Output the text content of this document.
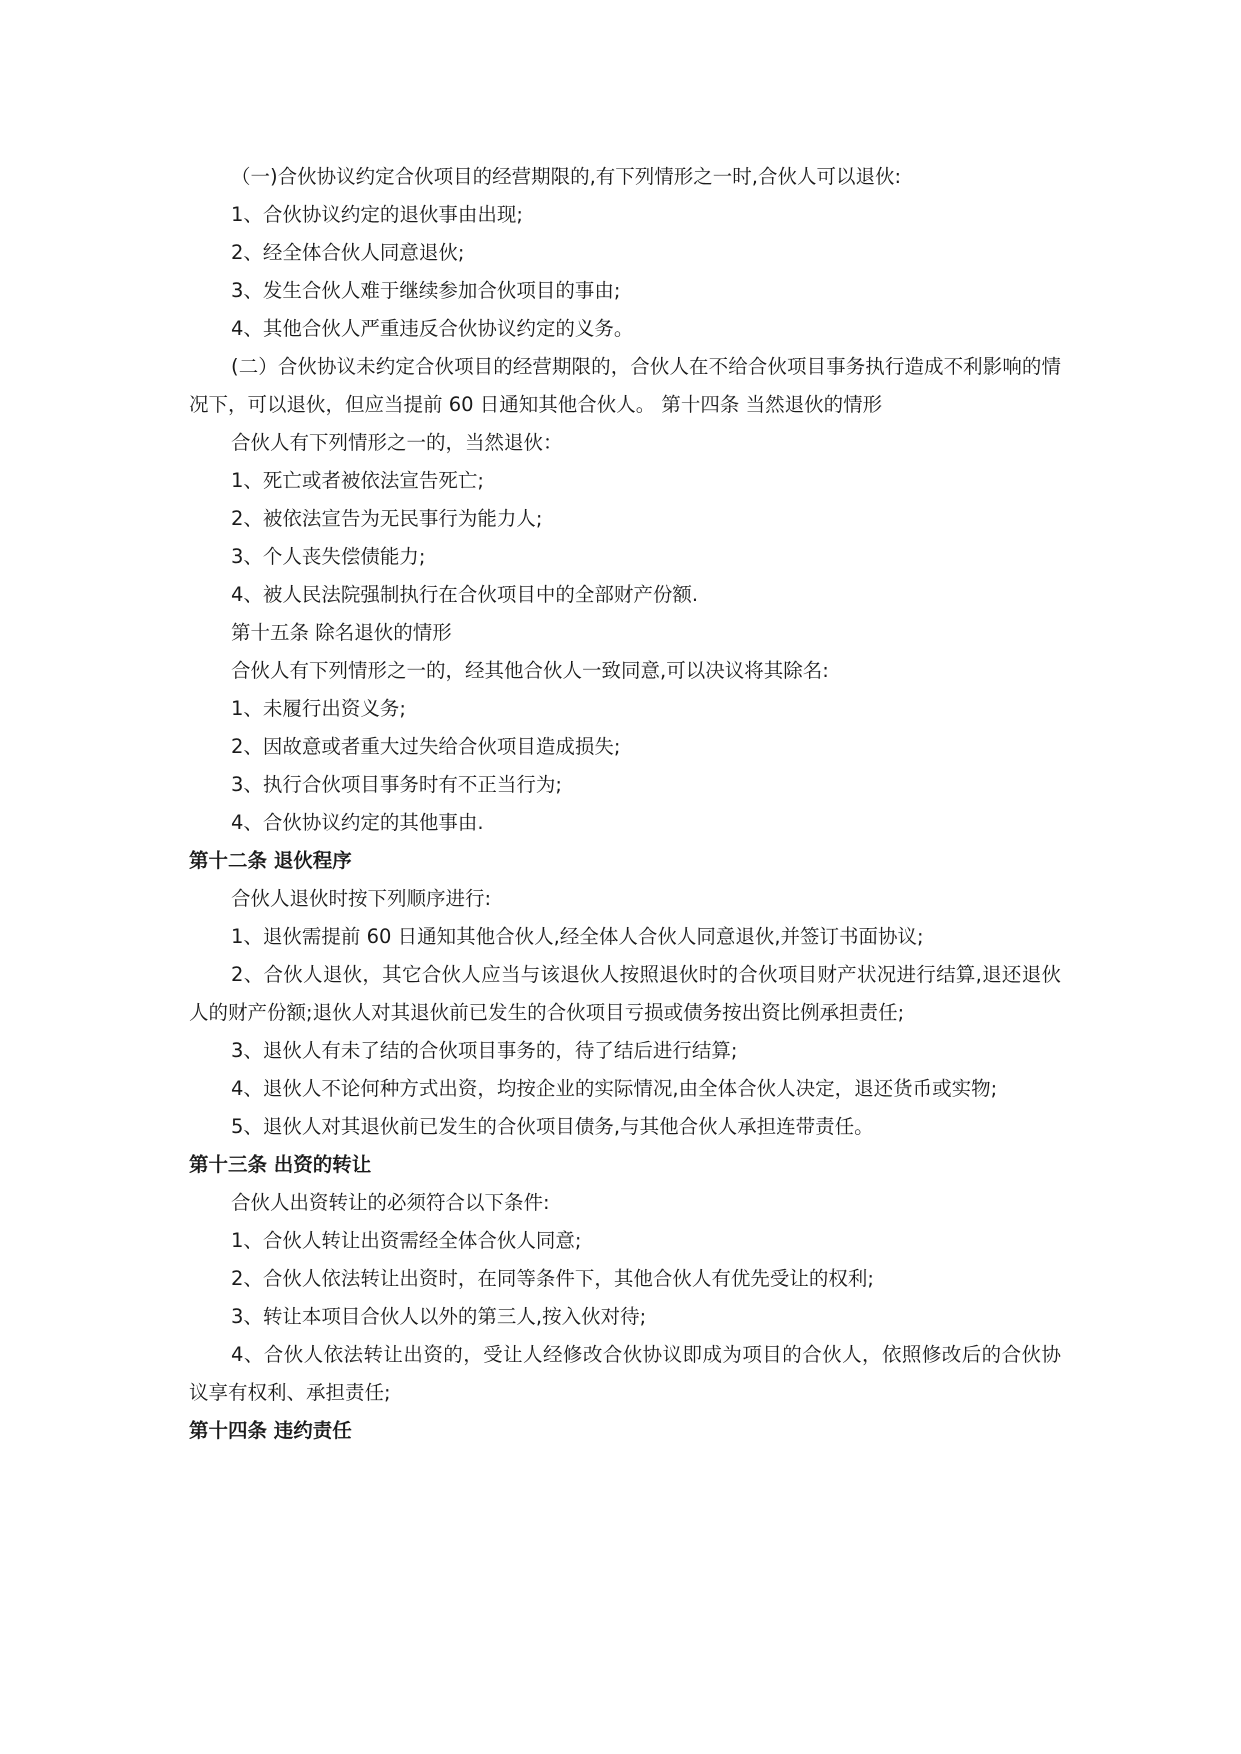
（一)合伙协议约定合伙项目的经营期限的,有下列情形之一时,合伙人可以退伙:

1、合伙协议约定的退伙事由出现;

2、经全体合伙人同意退伙;

3、发生合伙人难于继续参加合伙项目的事由;

4、其他合伙人严重违反合伙协议约定的义务。

(二）合伙协议未约定合伙项目的经营期限的，合伙人在不给合伙项目事务执行造成不利影响的情况下，可以退伙，但应当提前 60 日通知其他合伙人。 第十四条 当然退伙的情形

合伙人有下列情形之一的，当然退伙：

1、死亡或者被依法宣告死亡;

2、被依法宣告为无民事行为能力人;

3、个人丧失偿债能力;

4、被人民法院强制执行在合伙项目中的全部财产份额.

第十五条 除名退伙的情形

合伙人有下列情形之一的，经其他合伙人一致同意,可以决议将其除名:

1、未履行出资义务;

2、因故意或者重大过失给合伙项目造成损失;

3、执行合伙项目事务时有不正当行为;

4、合伙协议约定的其他事由.

第十二条 退伙程序

合伙人退伙时按下列顺序进行:

1、退伙需提前 60 日通知其他合伙人,经全体人合伙人同意退伙,并签订书面协议;

2、合伙人退伙，其它合伙人应当与该退伙人按照退伙时的合伙项目财产状况进行结算,退还退伙人的财产份额;退伙人对其退伙前已发生的合伙项目亏损或债务按出资比例承担责任;

3、退伙人有未了结的合伙项目事务的，待了结后进行结算;

4、退伙人不论何种方式出资，均按企业的实际情况,由全体合伙人决定，退还货币或实物;

5、退伙人对其退伙前已发生的合伙项目债务,与其他合伙人承担连带责任。

第十三条 出资的转让

合伙人出资转让的必须符合以下条件:

1、合伙人转让出资需经全体合伙人同意;

2、合伙人依法转让出资时，在同等条件下，其他合伙人有优先受让的权利;

3、转让本项目合伙人以外的第三人,按入伙对待;

4、合伙人依法转让出资的，受让人经修改合伙协议即成为项目的合伙人，依照修改后的合伙协议享有权利、承担责任;

第十四条 违约责任
